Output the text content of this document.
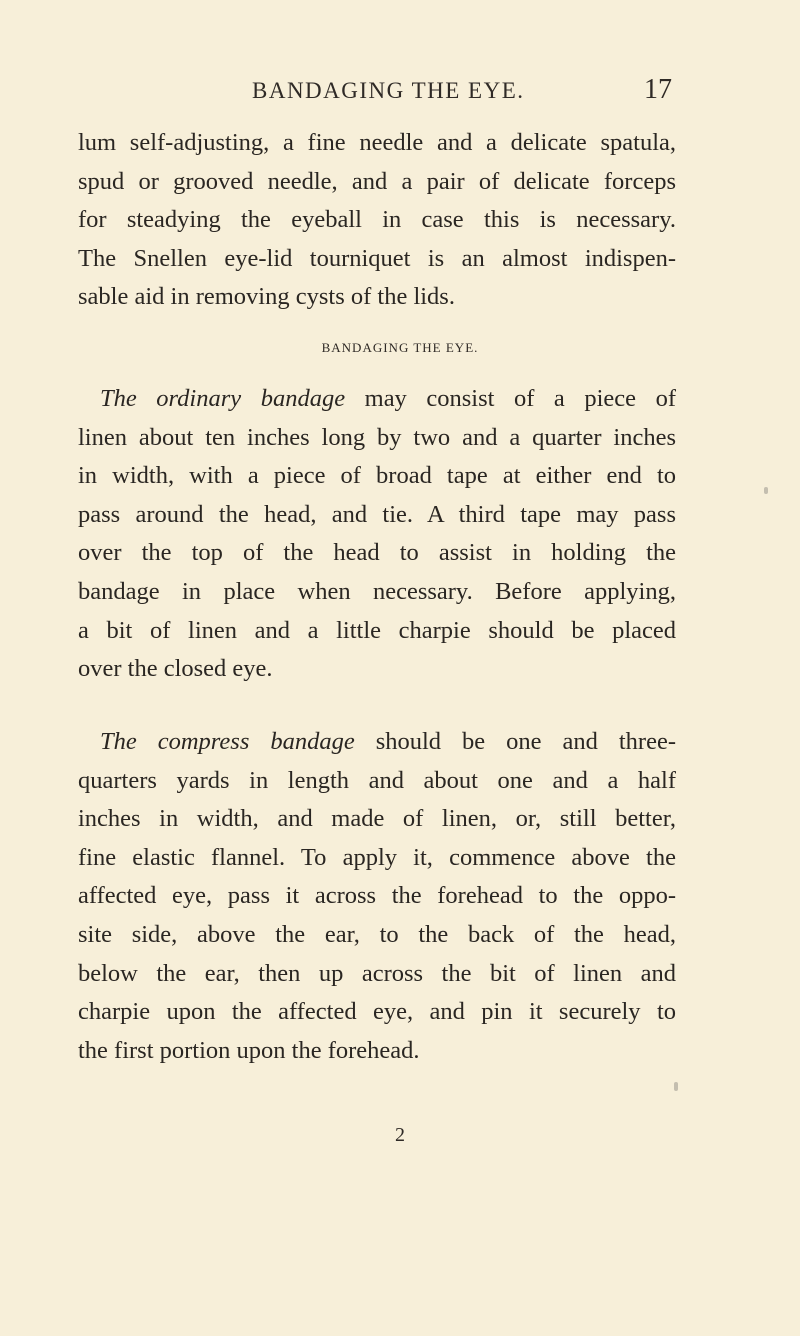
BANDAGING THE EYE.	17
lum self-adjusting, a fine needle and a delicate spatula,
spud or grooved needle, and a pair of delicate forceps
for steadying the eyeball in case this is necessary.
The Snellen eye-lid tourniquet is an almost indispen-
sable aid in removing cysts of the lids.
BANDAGING THE EYE.
The ordinary bandage may consist of a piece of
linen about ten inches long by two and a quarter inches
in width, with a piece of broad tape at either end to
pass around the head, and tie. A third tape may pass
over the top of the head to assist in holding the
bandage in place when necessary. Before applying,
a bit of linen and a little charpie should be placed
over the closed eye.
The compress bandage should be one and three-
quarters yards in length and about one and a half
inches in width, and made of linen, or, still better,
fine elastic flannel. To apply it, commence above the
affected eye, pass it across the forehead to the oppo-
site side, above the ear, to the back of the head,
below the ear, then up across the bit of linen and
charpie upon the affected eye, and pin it securely to
the first portion upon the forehead.
2
